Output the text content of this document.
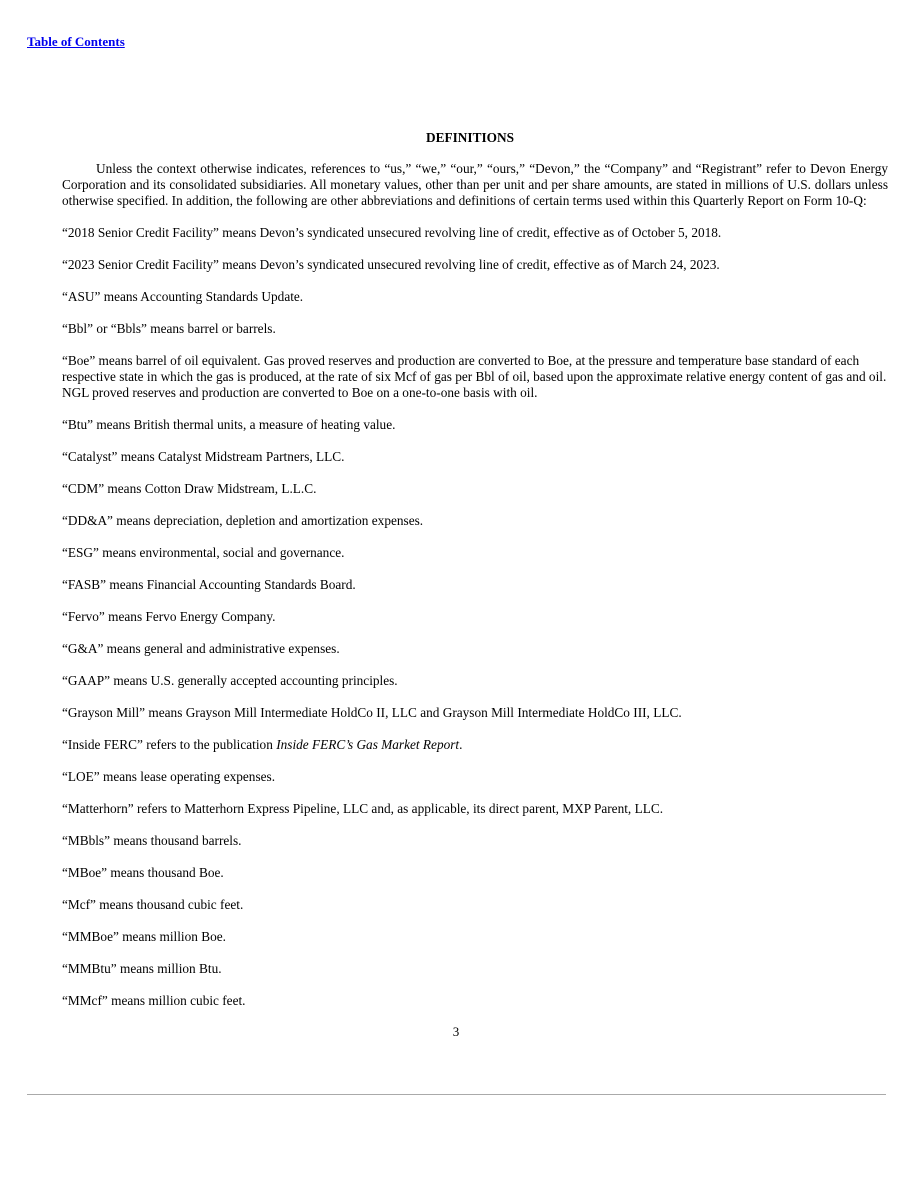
Table of Contents
DEFINITIONS
Unless the context otherwise indicates, references to “us,” “we,” “our,” “ours,” “Devon,” the “Company” and “Registrant” refer to Devon Energy Corporation and its consolidated subsidiaries. All monetary values, other than per unit and per share amounts, are stated in millions of U.S. dollars unless otherwise specified. In addition, the following are other abbreviations and definitions of certain terms used within this Quarterly Report on Form 10-Q:
“2018 Senior Credit Facility” means Devon’s syndicated unsecured revolving line of credit, effective as of October 5, 2018.
“2023 Senior Credit Facility” means Devon’s syndicated unsecured revolving line of credit, effective as of March 24, 2023.
“ASU” means Accounting Standards Update.
“Bbl” or “Bbls” means barrel or barrels.
“Boe” means barrel of oil equivalent. Gas proved reserves and production are converted to Boe, at the pressure and temperature base standard of each respective state in which the gas is produced, at the rate of six Mcf of gas per Bbl of oil, based upon the approximate relative energy content of gas and oil. NGL proved reserves and production are converted to Boe on a one-to-one basis with oil.
“Btu” means British thermal units, a measure of heating value.
“Catalyst” means Catalyst Midstream Partners, LLC.
“CDM” means Cotton Draw Midstream, L.L.C.
“DD&A” means depreciation, depletion and amortization expenses.
“ESG” means environmental, social and governance.
“FASB” means Financial Accounting Standards Board.
“Fervo” means Fervo Energy Company.
“G&A” means general and administrative expenses.
“GAAP” means U.S. generally accepted accounting principles.
“Grayson Mill” means Grayson Mill Intermediate HoldCo II, LLC and Grayson Mill Intermediate HoldCo III, LLC.
“Inside FERC” refers to the publication Inside FERC’s Gas Market Report.
“LOE” means lease operating expenses.
“Matterhorn” refers to Matterhorn Express Pipeline, LLC and, as applicable, its direct parent, MXP Parent, LLC.
“MBbls” means thousand barrels.
“MBoe” means thousand Boe.
“Mcf” means thousand cubic feet.
“MMBoe” means million Boe.
“MMBtu” means million Btu.
“MMcf” means million cubic feet.
3
